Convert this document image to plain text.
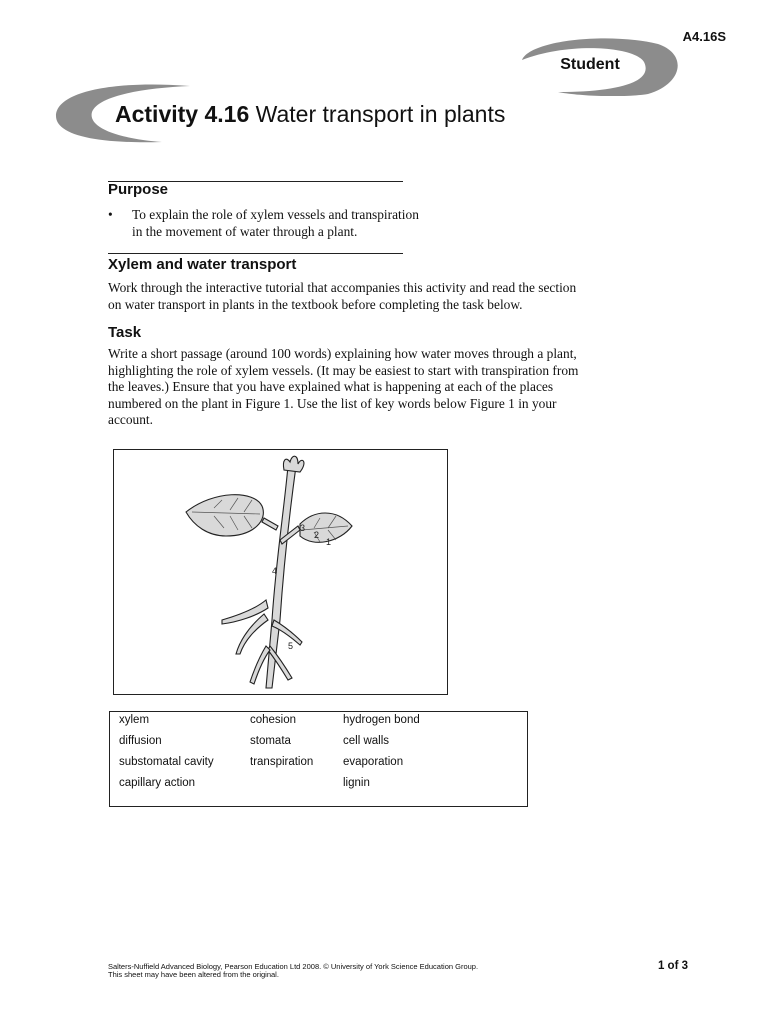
A4.16S
Student
Activity 4.16 Water transport in plants
Purpose
• To explain the role of xylem vessels and transpiration
in the movement of water through a plant.
Xylem and water transport
Work through the interactive tutorial that accompanies this activity and read the section
on water transport in plants in the textbook before completing the task below.
Task
Write a short passage (around 100 words) explaining how water moves through a plant,
highlighting the role of xylem vessels. (It may be easiest to start with transpiration from
the leaves.) Ensure that you have explained what is happening at each of the places
numbered on the plant in Figure 1. Use the list of key words below Figure 1 in your
account.
3
2
1
4
5
xylem
diffusion
substomatal cavity
capillary action
cohesion
stomata
transpiration
hydrogen bond
cell walls
evaporation
lignin
Salters-Nuffield Advanced Biology, Pearson Education Ltd 2008. © University of York Science Education Group.
This sheet may have been altered from the original.
1 of 3
